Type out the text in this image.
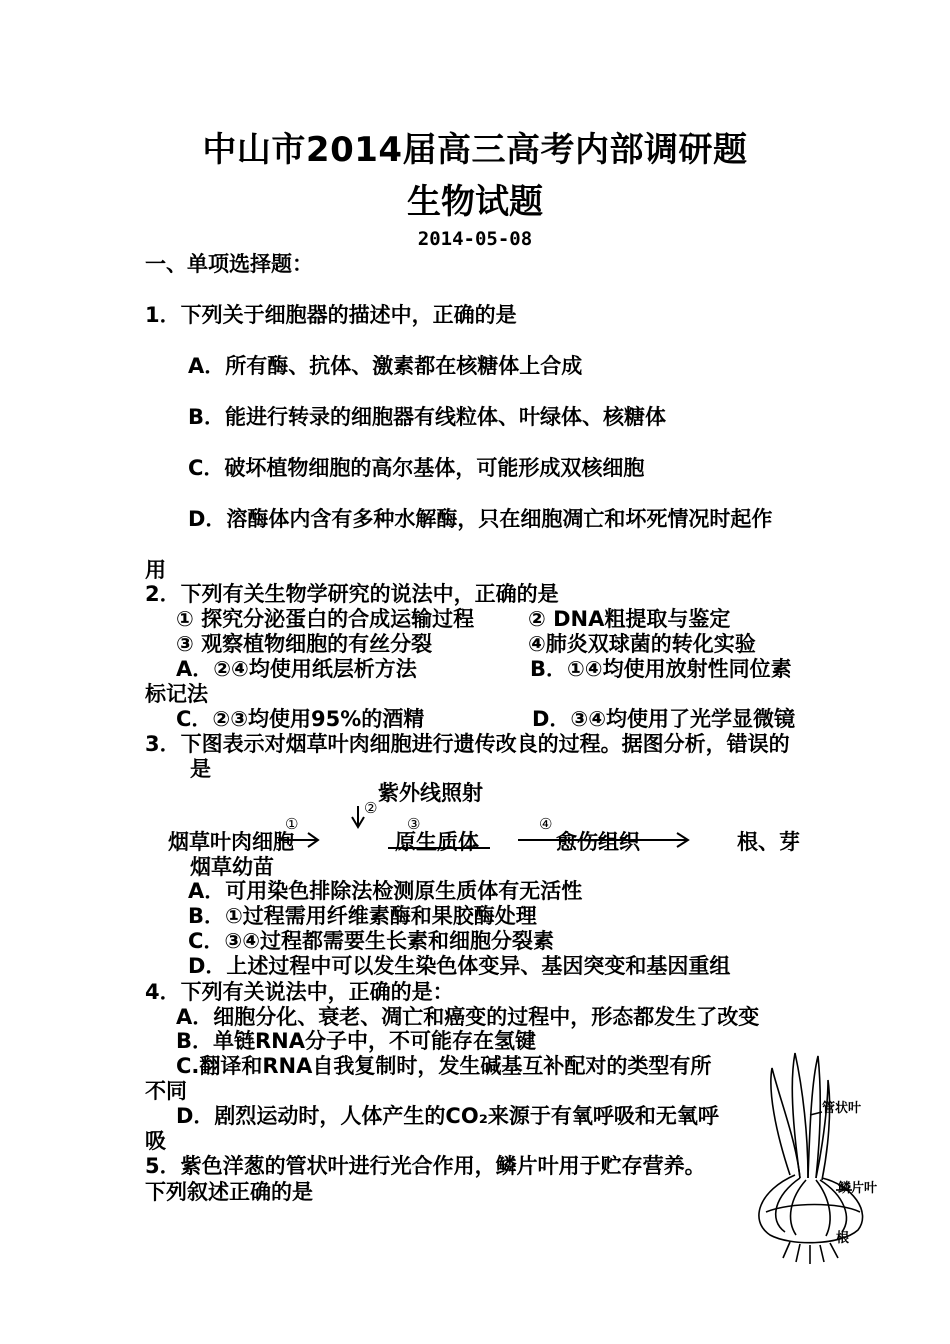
中山市2014届高三高考内部调研题
生物试题
2014-05-08
一、单项选择题：
1．下列关于细胞器的描述中，正确的是
A．所有酶、抗体、激素都在核糖体上合成
B．能进行转录的细胞器有线粒体、叶绿体、核糖体
C．破坏植物细胞的高尔基体，可能形成双核细胞
D．溶酶体内含有多种水解酶，只在细胞凋亡和坏死情况时起作
用
2．下列有关生物学研究的说法中，正确的是
① 探究分泌蛋白的合成运输过程	② DNA粗提取与鉴定
③ 观察植物细胞的有丝分裂	④肺炎双球菌的转化实验
A．②④均使用纸层析方法	B．①④均使用放射性同位素
标记法
C．②③均使用95%的酒精	D．③④均使用了光学显微镜
3．下图表示对烟草叶肉细胞进行遗传改良的过程。据图分析，错误的
是
紫外线照射
①
②
③	④
烟草叶肉细胞	原生质体	愈伤组织	根、芽
烟草幼苗
A．可用染色排除法检测原生质体有无活性
B．①过程需用纤维素酶和果胶酶处理
C．③④过程都需要生长素和细胞分裂素
D．上述过程中可以发生染色体变异、基因突变和基因重组
4．下列有关说法中，正确的是：
A．细胞分化、衰老、凋亡和癌变的过程中，形态都发生了改变
B．单链RNA分子中，不可能存在氢键
C.翻译和RNA自我复制时，发生碱基互补配对的类型有所
不同
D．剧烈运动时，人体产生的CO₂来源于有氧呼吸和无氧呼
吸
5．紫色洋葱的管状叶进行光合作用，鳞片叶用于贮存营养。
下列叙述正确的是
管状叶
鳞片叶
根
